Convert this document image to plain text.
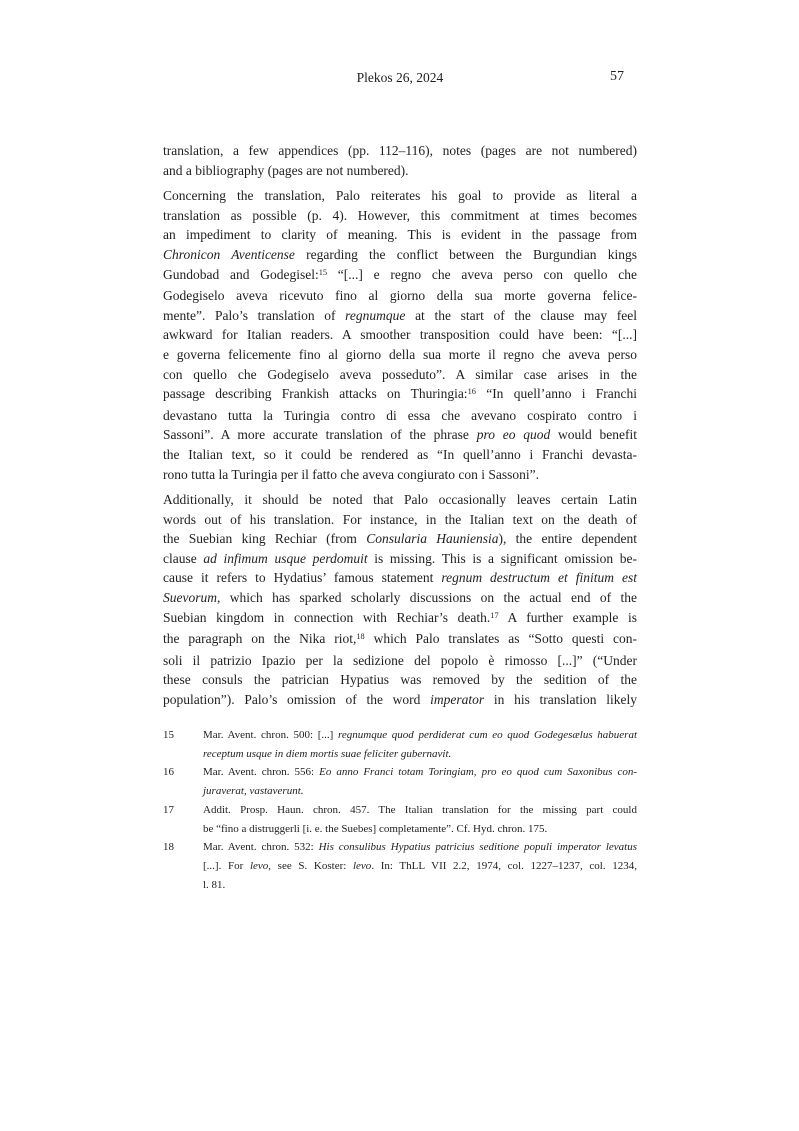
Plekos 26, 2024	57
translation, a few appendices (pp. 112–116), notes (pages are not numbered)
and a bibliography (pages are not numbered).
Concerning the translation, Palo reiterates his goal to provide as literal a
translation as possible (p. 4). However, this commitment at times becomes
an impediment to clarity of meaning. This is evident in the passage from
Chronicon Aventicense regarding the conflict between the Burgundian kings
Gundobad and Godegisel:$^{15}$ “[...] e regno che aveva perso con quello che
Godegiselo aveva ricevuto fino al giorno della sua morte governa felice-
mente”. Palo’s translation of regnumque at the start of the clause may feel
awkward for Italian readers. A smoother transposition could have been: “[...]
e governa felicemente fino al giorno della sua morte il regno che aveva perso
con quello che Godegiselo aveva posseduto”. A similar case arises in the
passage describing Frankish attacks on Thuringia:$^{16}$ “In quell’anno i Franchi
devastano tutta la Turingia contro di essa che avevano cospirato contro i
Sassoni”. A more accurate translation of the phrase pro eo quod would benefit
the Italian text, so it could be rendered as “In quell’anno i Franchi devasta-
rono tutta la Turingia per il fatto che aveva congiurato con i Sassoni”.
Additionally, it should be noted that Palo occasionally leaves certain Latin
words out of his translation. For instance, in the Italian text on the death of
the Suebian king Rechiar (from Consularia Hauniensia), the entire dependent
clause ad infimum usque perdomuit is missing. This is a significant omission be-
cause it refers to Hydatius’ famous statement regnum destructum et finitum est
Suevorum, which has sparked scholarly discussions on the actual end of the
Suebian kingdom in connection with Rechiar’s death.$^{17}$ A further example is
the paragraph on the Nika riot,$^{18}$ which Palo translates as “Sotto questi con-
soli il patrizio Ipazio per la sedizione del popolo è rimosso [...]” (“Under
these consuls the patrician Hypatius was removed by the sedition of the
population”). Palo’s omission of the word imperator in his translation likely
15	Mar. Avent. chron. 500: [...] regnumque quod perdiderat cum eo quod Godegesælus habuerat
receptum usque in diem mortis suae feliciter gubernavit.
16	Mar. Avent. chron. 556: Eo anno Franci totam Toringiam, pro eo quod cum Saxonibus con-
juraverat, vastaverunt.
17	Addit. Prosp. Haun. chron. 457. The Italian translation for the missing part could
be “fino a distruggerli [i. e. the Suebes] completamente”. Cf. Hyd. chron. 175.
18	Mar. Avent. chron. 532: His consulibus Hypatius patricius seditione populi imperator levatus
[...]. For levo, see S. Koster: levo. In: ThLL VII 2.2, 1974, col. 1227–1237, col. 1234,
l. 81.
